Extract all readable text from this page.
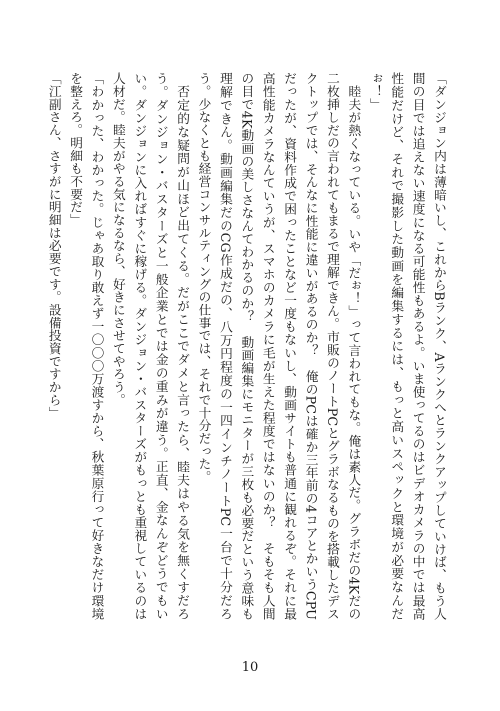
「ダンジョン内は薄暗いし、これからBランク、Aランクへとランクアップしていけば、もう人間の目では追えない速度になる可能性もあるよ。いま使ってるのはビデオカメラの中では最高性能だけど、それで撮影した動画を編集するには、もっと高いスペックと環境が必要なんだぉ！」

睦夫が熱くなっている。いや「だぉ！」って言われてもな。俺は素人だ。グラボだの4Kだの二枚挿しだの言われてもまるで理解できん。市販のノートPCとグラボなるものを搭載したデスクトップでは、そんなに性能に違いがあるのか？　俺のPCは確か三年前の4コアとかいうCPUだったが、資料作成で困ったことなど一度もないし、動画サイトも普通に観れるぞ。それに最高性能カメラなんていうが、スマホのカメラに毛が生えた程度ではないのか？　そもそも人間の目で4K動画の美しさなんてわかるのか？　動画編集にモニターが三枚も必要だという意味も理解できん。動画編集だのCG作成だの、八万円程度の一四インチノートPC一台で十分だろう。少なくとも経営コンサルティングの仕事では、それで十分だった。

否定的な疑問が山ほど出てくる。だがここでダメと言ったら、睦夫はやる気を無くすだろう。ダンジョン・バスターズと一般企業とでは金の重みが違う。正直、金なんぞどうでもいい。ダンジョンに入ればすぐに稼げる。ダンジョン・バスターズがもっとも重視しているのは人材だ。睦夫がやる気になるなら、好きにさせてやろう。

「わかった、わかった。じゃあ取り敢えず一〇〇〇万渡すから、秋葉原行って好きなだけ環境を整えろ。明細も不要だ」

「江副さん、さすがに明細は必要です。設備投資ですから」

10
